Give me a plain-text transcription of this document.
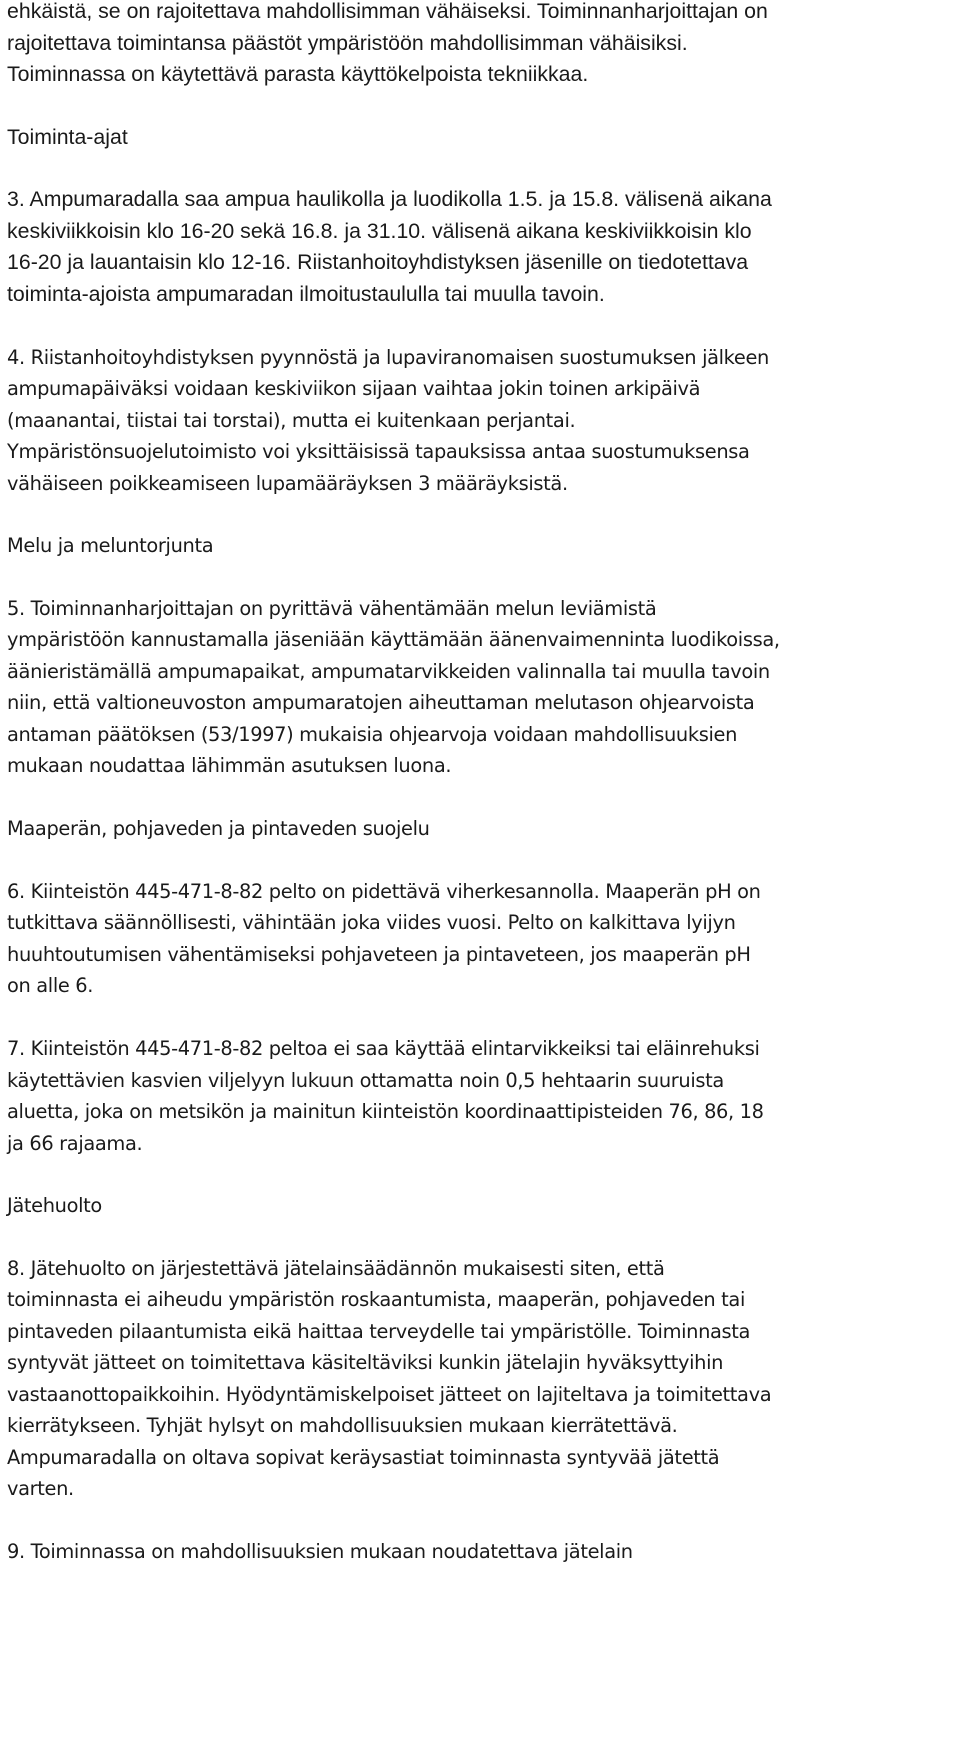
ehkäistä, se on rajoitettava mahdollisimman vähäiseksi. Toiminnanharjoittajan on
rajoitettava toimintansa päästöt ympäristöön mahdollisimman vähäisiksi.
Toiminnassa on käytettävä parasta käyttökelpoista tekniikkaa.
Toiminta-ajat
3. Ampumaradalla saa ampua haulikolla ja luodikolla 1.5. ja 15.8. välisenä aikana
keskiviikkoisin klo 16-20 sekä 16.8. ja 31.10. välisenä aikana keskiviikkoisin klo
16-20 ja lauantaisin klo 12-16. Riistanhoitoyhdistyksen jäsenille on tiedotettava
toiminta-ajoista ampumaradan ilmoitustaululla tai muulla tavoin.
4. Riistanhoitoyhdistyksen pyynnöstä ja lupaviranomaisen suostumuksen jälkeen
ampumapäiväksi voidaan keskiviikon sijaan vaihtaa jokin toinen arkipäivä
(maanantai, tiistai tai torstai), mutta ei kuitenkaan perjantai.
Ympäristönsuojelutoimisto voi yksittäisissä tapauksissa antaa suostumuksensa
vähäiseen poikkeamiseen lupamääräyksen 3 määräyksistä.
Melu ja meluntorjunta
5. Toiminnanharjoittajan on pyrittävä vähentämään melun leviämistä
ympäristöön kannustamalla jäseniään käyttämään äänenvaimenninta luodikoissa,
äänieristämällä ampumapaikat, ampumatarvikkeiden valinnalla tai muulla tavoin
niin, että valtioneuvoston ampumaratojen aiheuttaman melutason ohjearvoista
antaman päätöksen (53/1997) mukaisia ohjearvoja voidaan mahdollisuuksien
mukaan noudattaa lähimmän asutuksen luona.
Maaperän, pohjaveden ja pintaveden suojelu
6. Kiinteistön 445-471-8-82 pelto on pidettävä viherkesannolla. Maaperän pH on
tutkittava säännöllisesti, vähintään joka viides vuosi. Pelto on kalkittava lyijyn
huuhtoutumisen vähentämiseksi pohjaveteen ja pintaveteen, jos maaperän pH
on alle 6.
7. Kiinteistön 445-471-8-82 peltoa ei saa käyttää elintarvikkeiksi tai eläinrehuksi
käytettävien kasvien viljelyyn lukuun ottamatta noin 0,5 hehtaarin suuruista
aluetta, joka on metsikön ja mainitun kiinteistön koordinaattipisteiden 76, 86, 18
ja 66 rajaama.
Jätehuolto
8. Jätehuolto on järjestettävä jätelainsäädännön mukaisesti siten, että
toiminnasta ei aiheudu ympäristön roskaantumista, maaperän, pohjaveden tai
pintaveden pilaantumista eikä haittaa terveydelle tai ympäristölle. Toiminnasta
syntyvät jätteet on toimitettava käsiteltäviksi kunkin jätelajin hyväksyttyihin
vastaanottopaikkoihin. Hyödyntämiskelpoiset jätteet on lajiteltava ja toimitettava
kierrätykseen. Tyhjät hylsyt on mahdollisuuksien mukaan kierrätettävä.
Ampumaradalla on oltava sopivat keräysastiat toiminnasta syntyvää jätettä
varten.
9. Toiminnassa on mahdollisuuksien mukaan noudatettava jätelain
